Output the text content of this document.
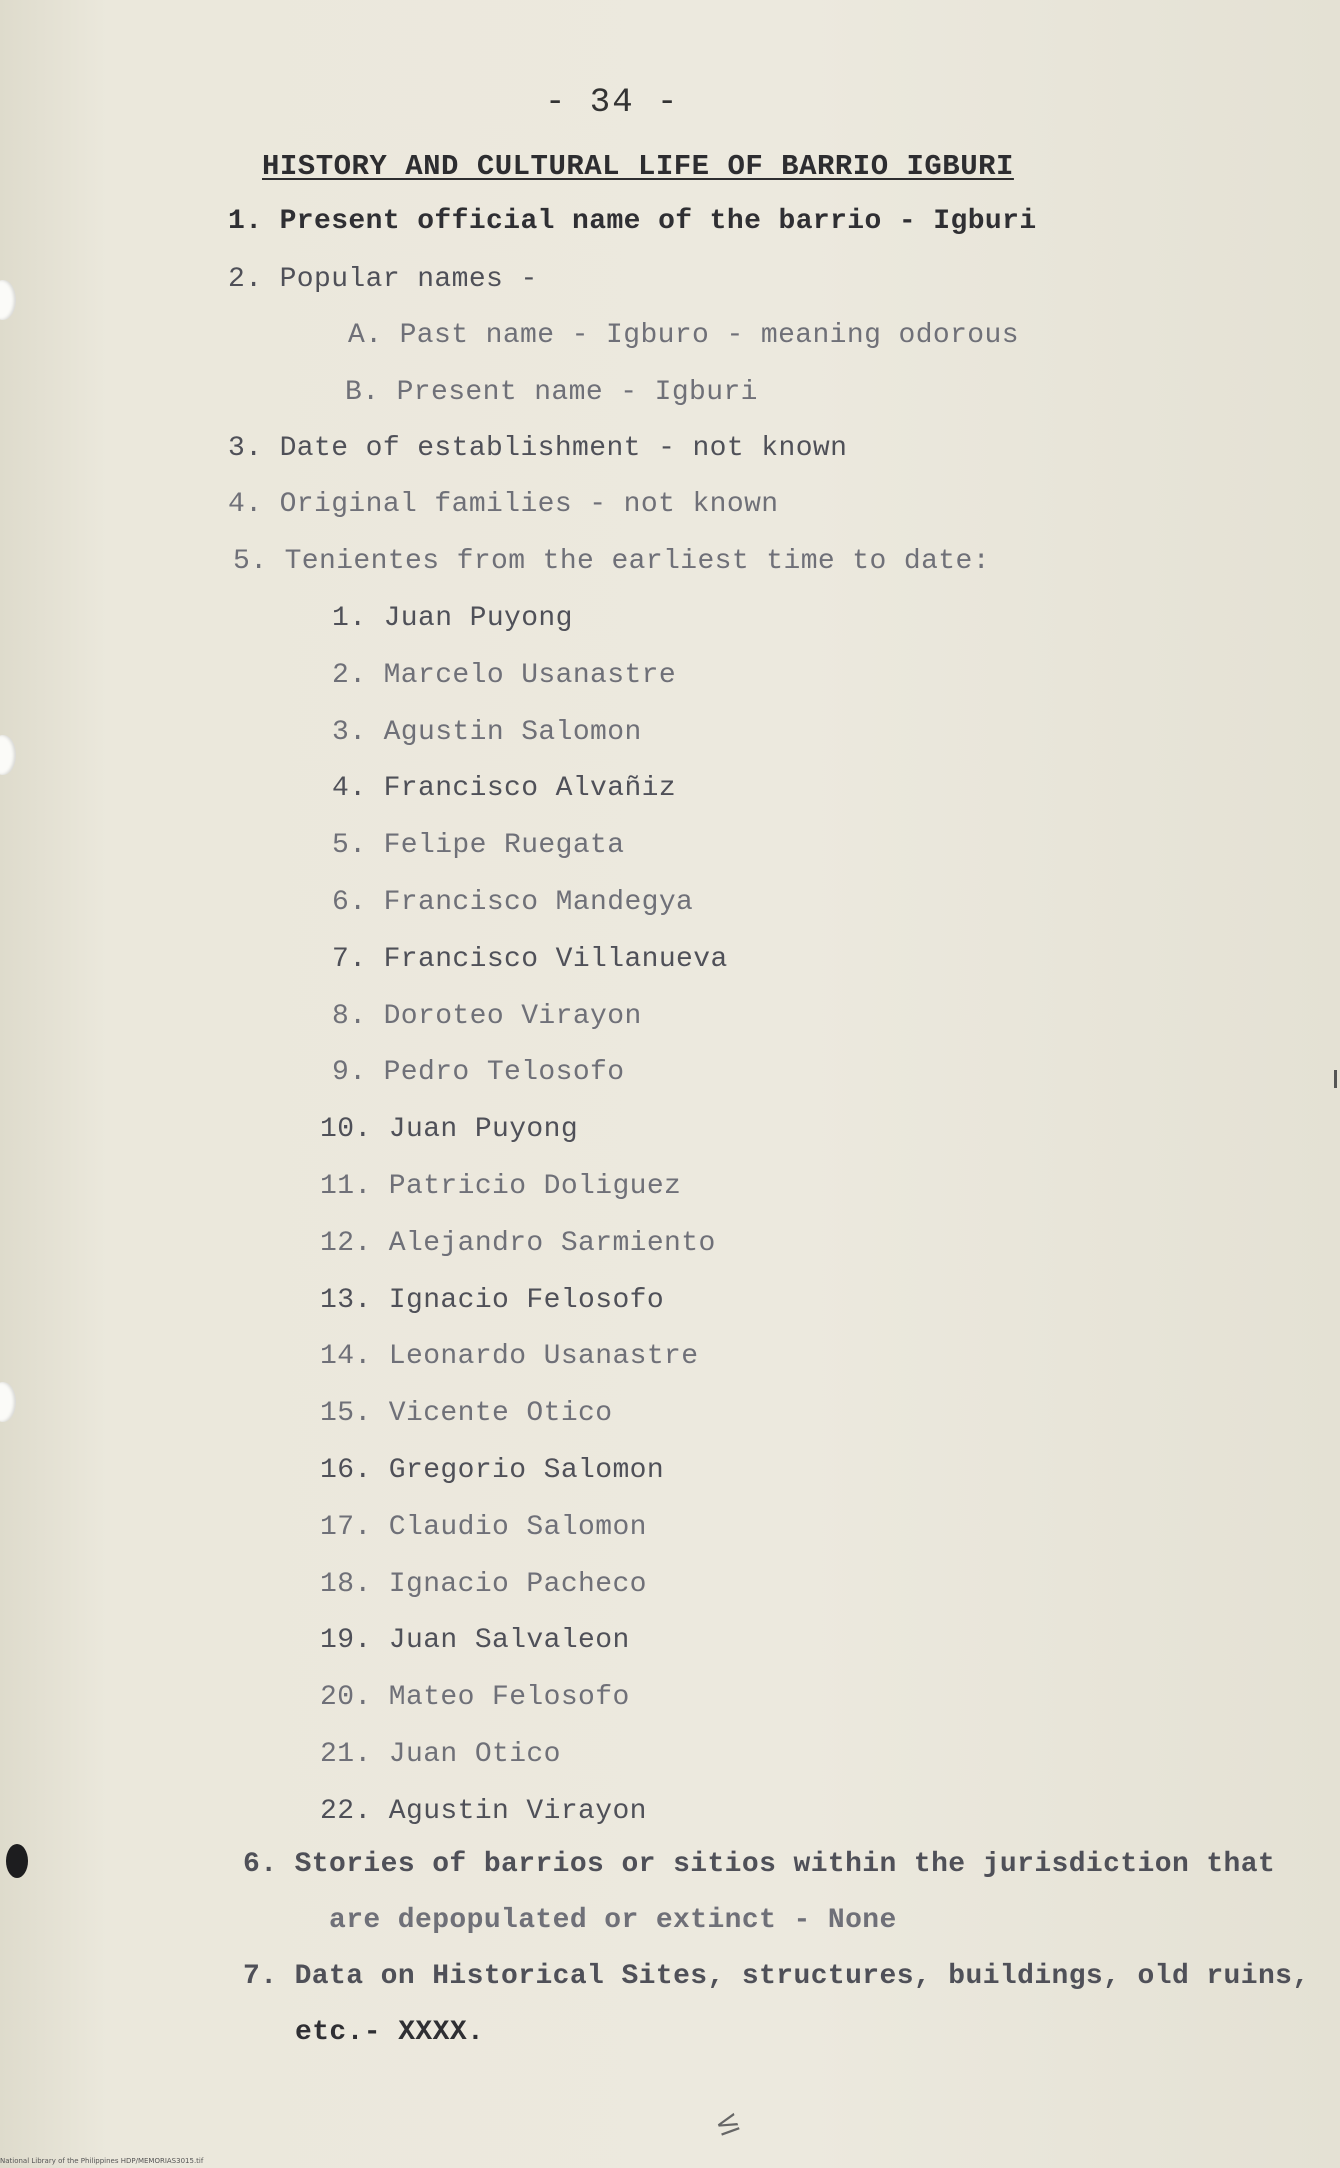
- 34 -
HISTORY AND CULTURAL LIFE OF BARRIO IGBURI
1. Present official name of the barrio - Igburi
2. Popular names -
A. Past name - Igburo - meaning odorous
B. Present name - Igburi
3. Date of establishment - not known
4. Original families - not known
5. Tenientes from the earliest time to date:
1. Juan Puyong
2. Marcelo Usanastre
3. Agustin Salomon
4. Francisco Alvañiz
5. Felipe Ruegata
6. Francisco Mandegya
7. Francisco Villanueva
8. Doroteo Virayon
9. Pedro Telosofo
10. Juan Puyong
11. Patricio Doliguez
12. Alejandro Sarmiento
13. Ignacio Felosofo
14. Leonardo Usanastre
15. Vicente Otico
16. Gregorio Salomon
17. Claudio Salomon
18. Ignacio Pacheco
19. Juan Salvaleon
20. Mateo Felosofo
21. Juan Otico
22. Agustin Virayon
6. Stories of barrios or sitios within the jurisdiction that
are depopulated or extinct - None
7. Data on Historical Sites, structures, buildings, old ruins,
etc.- XXXX.
≤
National Library of the Philippines HDP/MEMORIAS3015.tif
